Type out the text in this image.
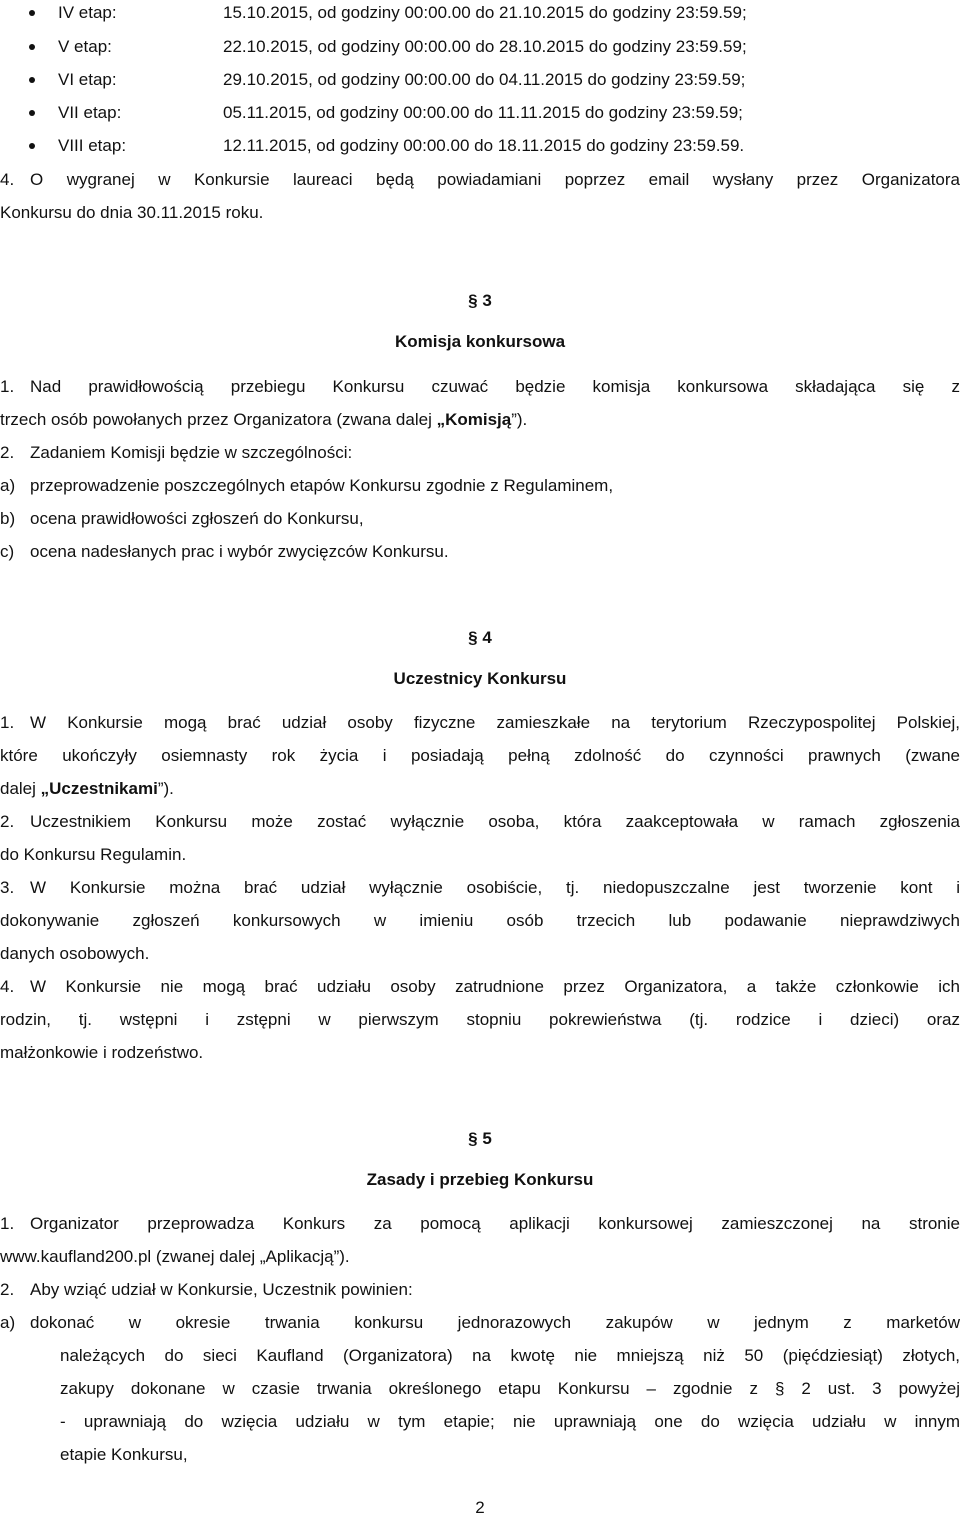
IV etap:	15.10.2015, od godziny 00:00.00 do 21.10.2015 do godziny 23:59.59;
V etap:	22.10.2015, od godziny 00:00.00 do 28.10.2015 do godziny 23:59.59;
VI etap:	29.10.2015, od godziny 00:00.00 do 04.11.2015 do godziny 23:59.59;
VII etap:	05.11.2015, od godziny 00:00.00 do 11.11.2015 do godziny 23:59.59;
VIII etap:	12.11.2015, od godziny 00:00.00 do 18.11.2015 do godziny 23:59.59.
4. O wygranej w Konkursie laureaci będą powiadamiani poprzez email wysłany przez Organizatora
Konkursu do dnia 30.11.2015 roku.
§ 3
Komisja konkursowa
1. Nad prawidłowością przebiegu Konkursu czuwać będzie komisja konkursowa składająca się z
trzech osób powołanych przez Organizatora (zwana dalej „Komisją”).
2. Zadaniem Komisji będzie w szczególności:
a) przeprowadzenie poszczególnych etapów Konkursu zgodnie z Regulaminem,
b) ocena prawidłowości zgłoszeń do Konkursu,
c) ocena nadesłanych prac i wybór zwycięzców Konkursu.
§ 4
Uczestnicy Konkursu
1. W Konkursie mogą brać udział osoby fizyczne zamieszkałe na terytorium Rzeczypospolitej Polskiej,
które ukończyły osiemnasty rok życia i posiadają pełną zdolność do czynności prawnych (zwane
dalej „Uczestnikami”).
2. Uczestnikiem Konkursu może zostać wyłącznie osoba, która zaakceptowała w ramach zgłoszenia
do Konkursu Regulamin.
3. W Konkursie można brać udział wyłącznie osobiście, tj. niedopuszczalne jest tworzenie kont i
dokonywanie zgłoszeń konkursowych w imieniu osób trzecich lub podawanie nieprawdziwych
danych osobowych.
4. W Konkursie nie mogą brać udziału osoby zatrudnione przez Organizatora, a także członkowie ich
rodzin, tj. wstępni i zstępni w pierwszym stopniu pokrewieństwa (tj. rodzice i dzieci) oraz
małżonkowie i rodzeństwo.
§ 5
Zasady i przebieg Konkursu
1. Organizator przeprowadza Konkurs za pomocą aplikacji konkursowej zamieszczonej na stronie
www.kaufland200.pl (zwanej dalej „Aplikacją”).
2. Aby wziąć udział w Konkursie, Uczestnik powinien:
a) dokonać w okresie trwania konkursu jednorazowych zakupów w jednym z marketów
należących do sieci Kaufland (Organizatora) na kwotę nie mniejszą niż 50 (pięćdziesiąt) złotych,
zakupy dokonane w czasie trwania określonego etapu Konkursu – zgodnie z § 2 ust. 3 powyżej
- uprawniają do wzięcia udziału w tym etapie; nie uprawniają one do wzięcia udziału w innym
etapie Konkursu,
2
